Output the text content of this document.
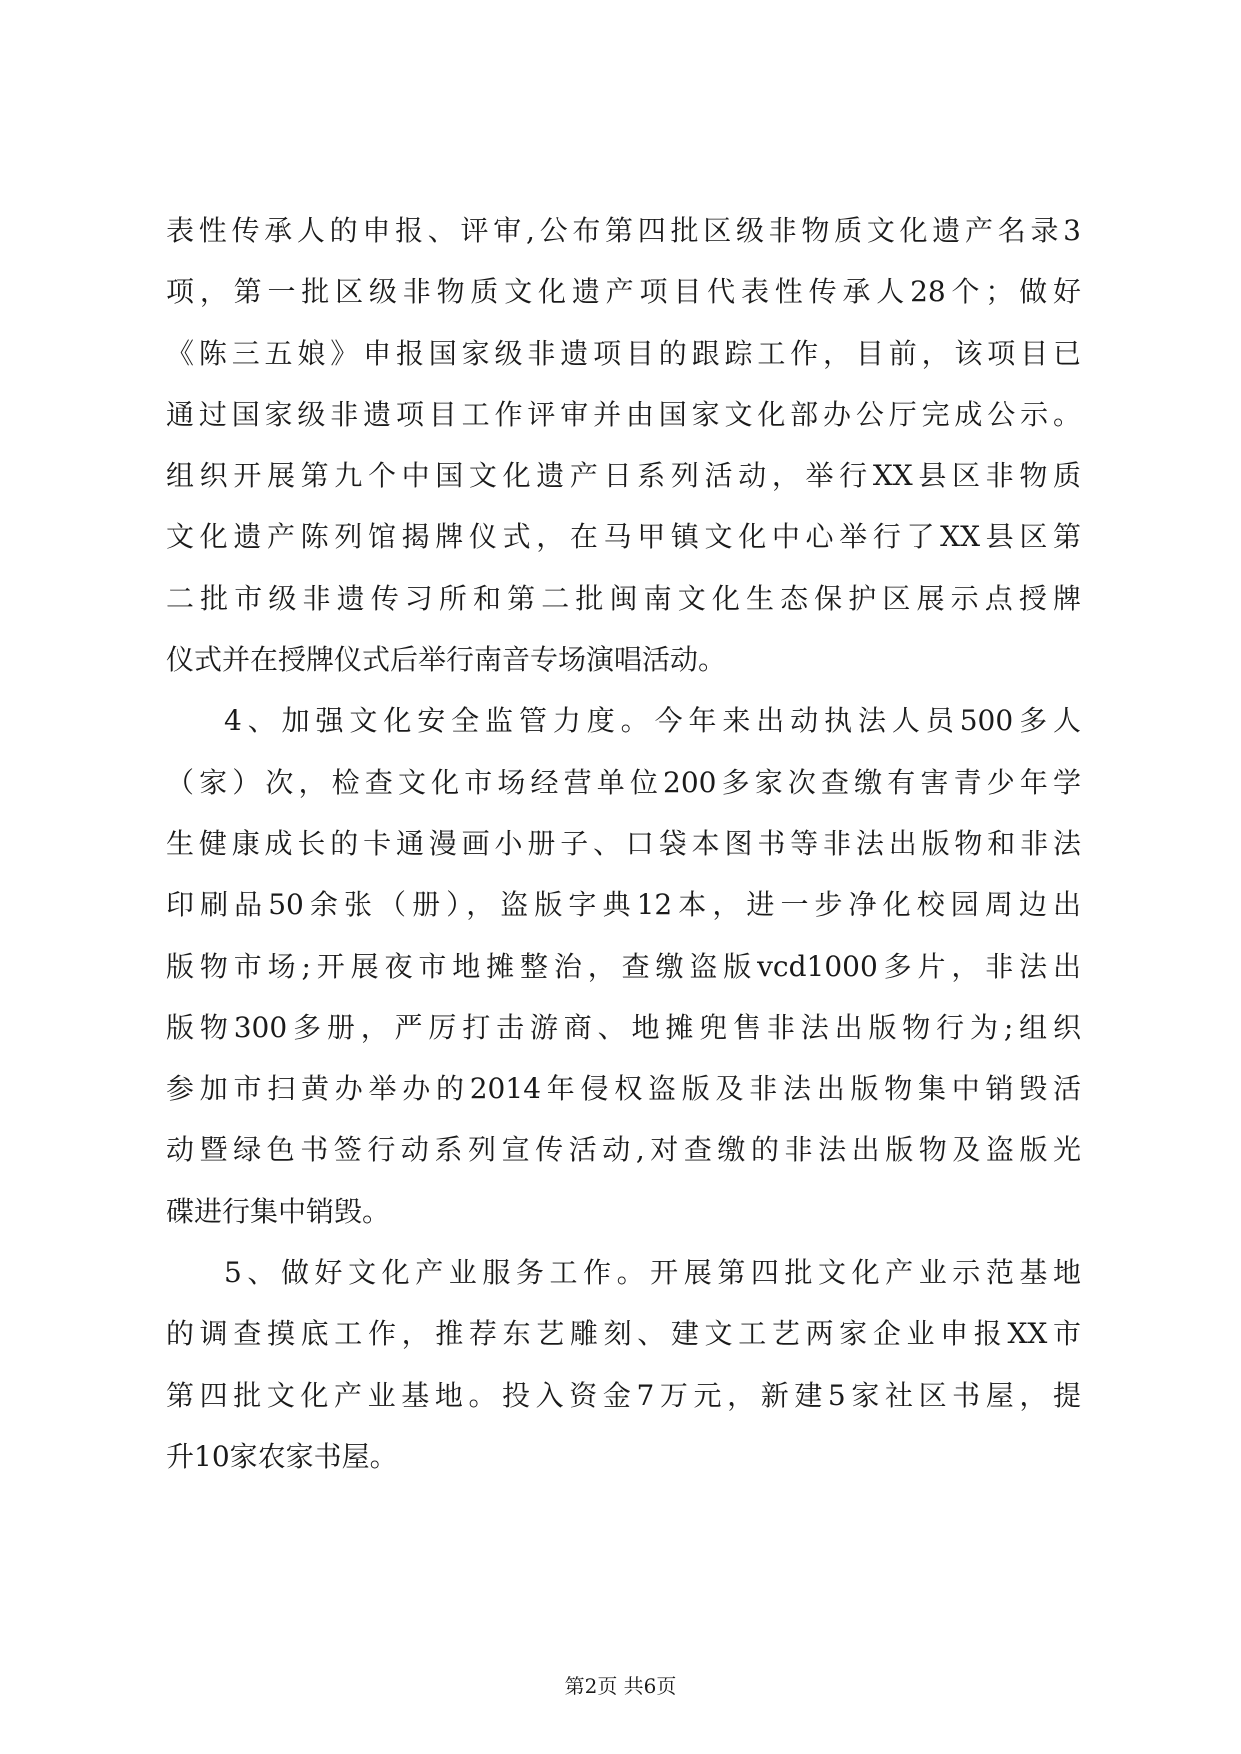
表性传承人的申报、评审,公布第四批区级非物质文化遗产名录3
项，第一批区级非物质文化遗产项目代表性传承人28个；做好
《陈三五娘》申报国家级非遗项目的跟踪工作，目前，该项目已
通过国家级非遗项目工作评审并由国家文化部办公厅完成公示。
组织开展第九个中国文化遗产日系列活动，举行XX县区非物质
文化遗产陈列馆揭牌仪式，在马甲镇文化中心举行了XX县区第
二批市级非遗传习所和第二批闽南文化生态保护区展示点授牌
仪式并在授牌仪式后举行南音专场演唱活动。
4、加强文化安全监管力度。今年来出动执法人员500多人
（家）次，检查文化市场经营单位200多家次查缴有害青少年学
生健康成长的卡通漫画小册子、口袋本图书等非法出版物和非法
印刷品50余张（册），盗版字典12本，进一步净化校园周边出
版物市场;开展夜市地摊整治，查缴盗版vcd1000多片，非法出
版物300多册，严厉打击游商、地摊兜售非法出版物行为;组织
参加市扫黄办举办的2014年侵权盗版及非法出版物集中销毁活
动暨绿色书签行动系列宣传活动,对查缴的非法出版物及盗版光
碟进行集中销毁。
5、做好文化产业服务工作。开展第四批文化产业示范基地
的调查摸底工作，推荐东艺雕刻、建文工艺两家企业申报XX市
第四批文化产业基地。投入资金7万元，新建5家社区书屋，提
升10家农家书屋。
第2页 共6页
